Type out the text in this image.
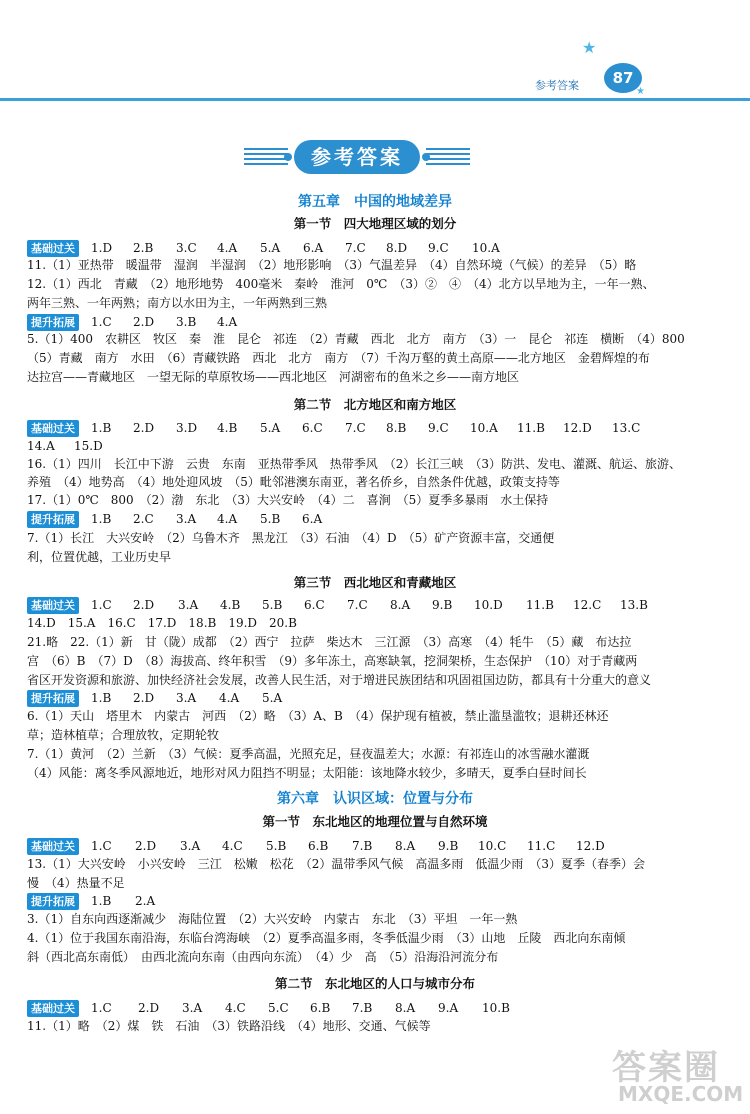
★
★
参考答案	87
参考答案
第五章　中国的地域差异
第一节　四大地理区域的划分
基础过关	1.D 2.B 3.C 4.A 5.A 6.A 7.C 8.D 9.C 10.A
11.（1）亚热带　暖温带　湿润　半湿润　（2）地形影响　（3）气温差异　（4）自然环境（气候）的差异　（5）略
12.（1）西北　青藏　（2）地形地势　400毫米　秦岭　淮河　0℃　（3）②　④　（4）北方以旱地为主，一年一熟、
两年三熟、一年两熟；南方以水田为主，一年两熟到三熟
提升拓展	1.C 2.D 3.B 4.A
5.（1）400　农耕区　牧区　秦　淮　昆仑　祁连　（2）青藏　西北　北方　南方　（3）一　昆仑　祁连　横断　（4）800
（5）青藏　南方　水田　（6）青藏铁路　西北　北方　南方　（7）千沟万壑的黄土高原——北方地区　金碧辉煌的布
达拉宫——青藏地区　一望无际的草原牧场——西北地区　河湖密布的鱼米之乡——南方地区
第二节　北方地区和南方地区
基础过关	1.B 2.D 3.D 4.B 5.A 6.C 7.C 8.B 9.C 10.A 11.B 12.D 13.C
14.A 15.D
16.（1）四川　长江中下游　云贵　东南　亚热带季风　热带季风　（2）长江三峡　（3）防洪、发电、灌溉、航运、旅游、
养殖　（4）地势高　（4）地处迎风坡　（5）毗邻港澳东南亚，著名侨乡，自然条件优越，政策支持等
17.（1）0℃　800　（2）渤　东北　（3）大兴安岭　（4）二　喜涧　（5）夏季多暴雨　水土保持
提升拓展	1.B 2.C 3.A 4.A 5.B 6.A
7.（1）长江　大兴安岭　（2）乌鲁木齐　黑龙江　（3）石油　（4）D　（5）矿产资源丰富，交通便
利，位置优越，工业历史早
第三节　西北地区和青藏地区
基础过关	1.C 2.D 3.A 4.B 5.B 6.C 7.C 8.A 9.B 10.D 11.B 12.C 13.B
14.D　15.A　16.C　17.D　18.B　19.D　20.B
21.略　22.（1）新　甘（陇）成都　（2）西宁　拉萨　柴达木　三江源　（3）高寒　（4）牦牛　（5）藏　布达拉
宫　（6）B　（7）D　（8）海拔高、终年积雪　（9）多年冻土，高寒缺氧，挖洞架桥，生态保护　（10）对于青藏两
省区开发资源和旅游、加快经济社会发展，改善人民生活，对于增进民族团结和巩固祖国边防，都具有十分重大的意义
提升拓展	1.B 2.D 3.A 4.A 5.A
6.（1）天山　塔里木　内蒙古　河西　（2）略　（3）A、B　（4）保护现有植被，禁止滥垦滥牧；退耕还林还
草；造林植草；合理放牧，定期轮牧
7.（1）黄河　（2）兰新　（3）气候：夏季高温，光照充足，昼夜温差大；水源：有祁连山的冰雪融水灌溉
（4）风能：离冬季风源地近，地形对风力阻挡不明显；太阳能：该地降水较少，多晴天，夏季白昼时间长
第六章　认识区域：位置与分布
第一节　东北地区的地理位置与自然环境
基础过关	1.C 2.D 3.A 4.C 5.B 6.B 7.B 8.A 9.B 10.C 11.C 12.D
13.（1）大兴安岭　小兴安岭　三江　松嫩　松花　（2）温带季风气候　高温多雨　低温少雨　（3）夏季（春季）会
慢　（4）热量不足
提升拓展	1.B 2.A
3.（1）自东向西逐渐减少　海陆位置　（2）大兴安岭　内蒙古　东北　（3）平坦　一年一熟
4.（1）位于我国东南沿海，东临台湾海峡　（2）夏季高温多雨，冬季低温少雨　（3）山地　丘陵　西北向东南倾
斜（西北高东南低）　由西北流向东南（由西向东流）　（4）少　高　（5）沿海沿河流分布
第二节　东北地区的人口与城市分布
基础过关	1.C 2.D 3.A 4.C 5.C 6.B 7.B 8.A 9.A 10.B
11.（1）略　（2）煤　铁　石油　（3）铁路沿线　（4）地形、交通、气候等
答案圈
MXQE.COM
